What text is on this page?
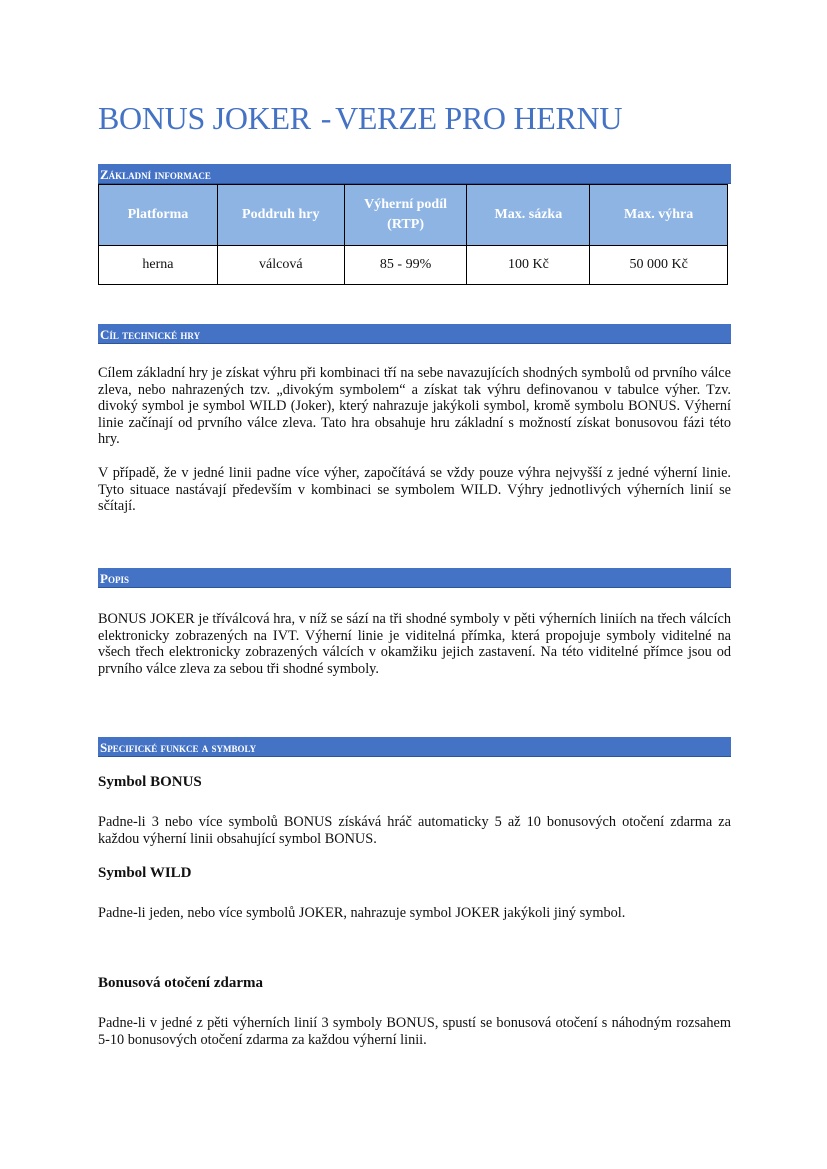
BONUS JOKER - VERZE PRO HERNU
Základní informace
Platforma	Poddruh hry	Výherní podíl (RTP)	Max. sázka	Max. výhra
herna	válcová	85 - 99%	100 Kč	50 000 Kč
Cíl technické hry

Cílem základní hry je získat výhru při kombinaci tří na sebe navazujících shodných symbolů od prvního válce zleva, nebo nahrazených tzv. „divokým symbolem“ a získat tak výhru definovanou v tabulce výher. Tzv. divoký symbol je symbol WILD (Joker), který nahrazuje jakýkoli symbol, kromě symbolu BONUS. Výherní linie začínají od prvního válce zleva. Tato hra obsahuje hru základní s možností získat bonusovou fázi této hry.

V případě, že v jedné linii padne více výher, započítává se vždy pouze výhra nejvyšší z jedné výherní linie. Tyto situace nastávají především v kombinaci se symbolem WILD. Výhry jednotlivých výherních linií se sčítají.

Popis

BONUS JOKER je tříválcová hra, v níž se sází na tři shodné symboly v pěti výherních liniích na třech válcích elektronicky zobrazených na IVT. Výherní linie je viditelná přímka, která propojuje symboly viditelné na všech třech elektronicky zobrazených válcích v okamžiku jejich zastavení. Na této viditelné přímce jsou od prvního válce zleva za sebou tři shodné symboly.

Specifické funkce a symboly
Symbol BONUS

Padne-li 3 nebo více symbolů BONUS získává hráč automaticky 5 až 10 bonusových otočení zdarma za každou výherní linii obsahující symbol BONUS.

Symbol WILD

Padne-li jeden, nebo více symbolů JOKER, nahrazuje symbol JOKER jakýkoli jiný symbol.

Bonusová otočení zdarma

Padne-li v jedné z pěti výherních linií 3 symboly BONUS, spustí se bonusová otočení s náhodným rozsahem 5-10 bonusových otočení zdarma za každou výherní linii.
